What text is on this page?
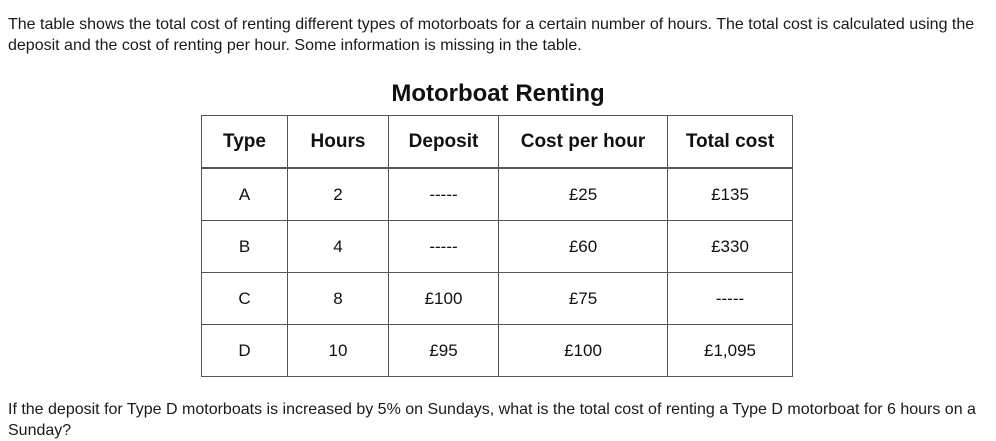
The table shows the total cost of renting different types of motorboats for a certain number of hours. The total cost is calculated using the deposit and the cost of renting per hour. Some information is missing in the table.

Motorboat Renting
Type	Hours	Deposit	Cost per hour	Total cost
A	2	-----	£25	£135
B	4	-----	£60	£330
C	8	£100	£75	-----
D	10	£95	£100	£1,095

If the deposit for Type D motorboats is increased by 5% on Sundays, what is the total cost of renting a Type D motorboat for 6 hours on a Sunday?
